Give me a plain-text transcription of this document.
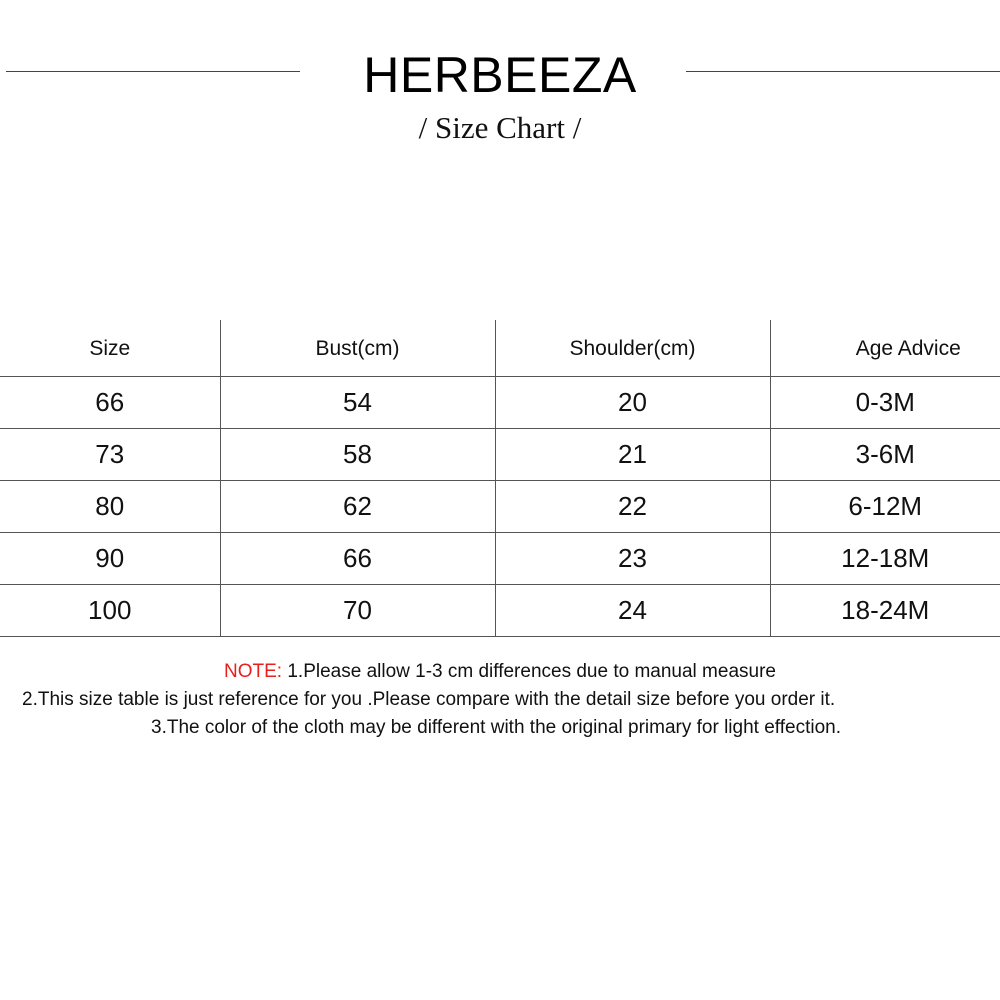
HERBEEZA
/ Size Chart /
Size	Bust(cm)	Shoulder(cm)	Age Advice
66	54	20	0-3M
73	58	21	3-6M
80	62	22	6-12M
90	66	23	12-18M
100	70	24	18-24M
NOTE: 1.Please allow 1-3 cm differences due to manual measure
2.This size table is just reference for you .Please compare with the detail size before you order it.
3.The color of the cloth may be different with the original primary for light effection.
